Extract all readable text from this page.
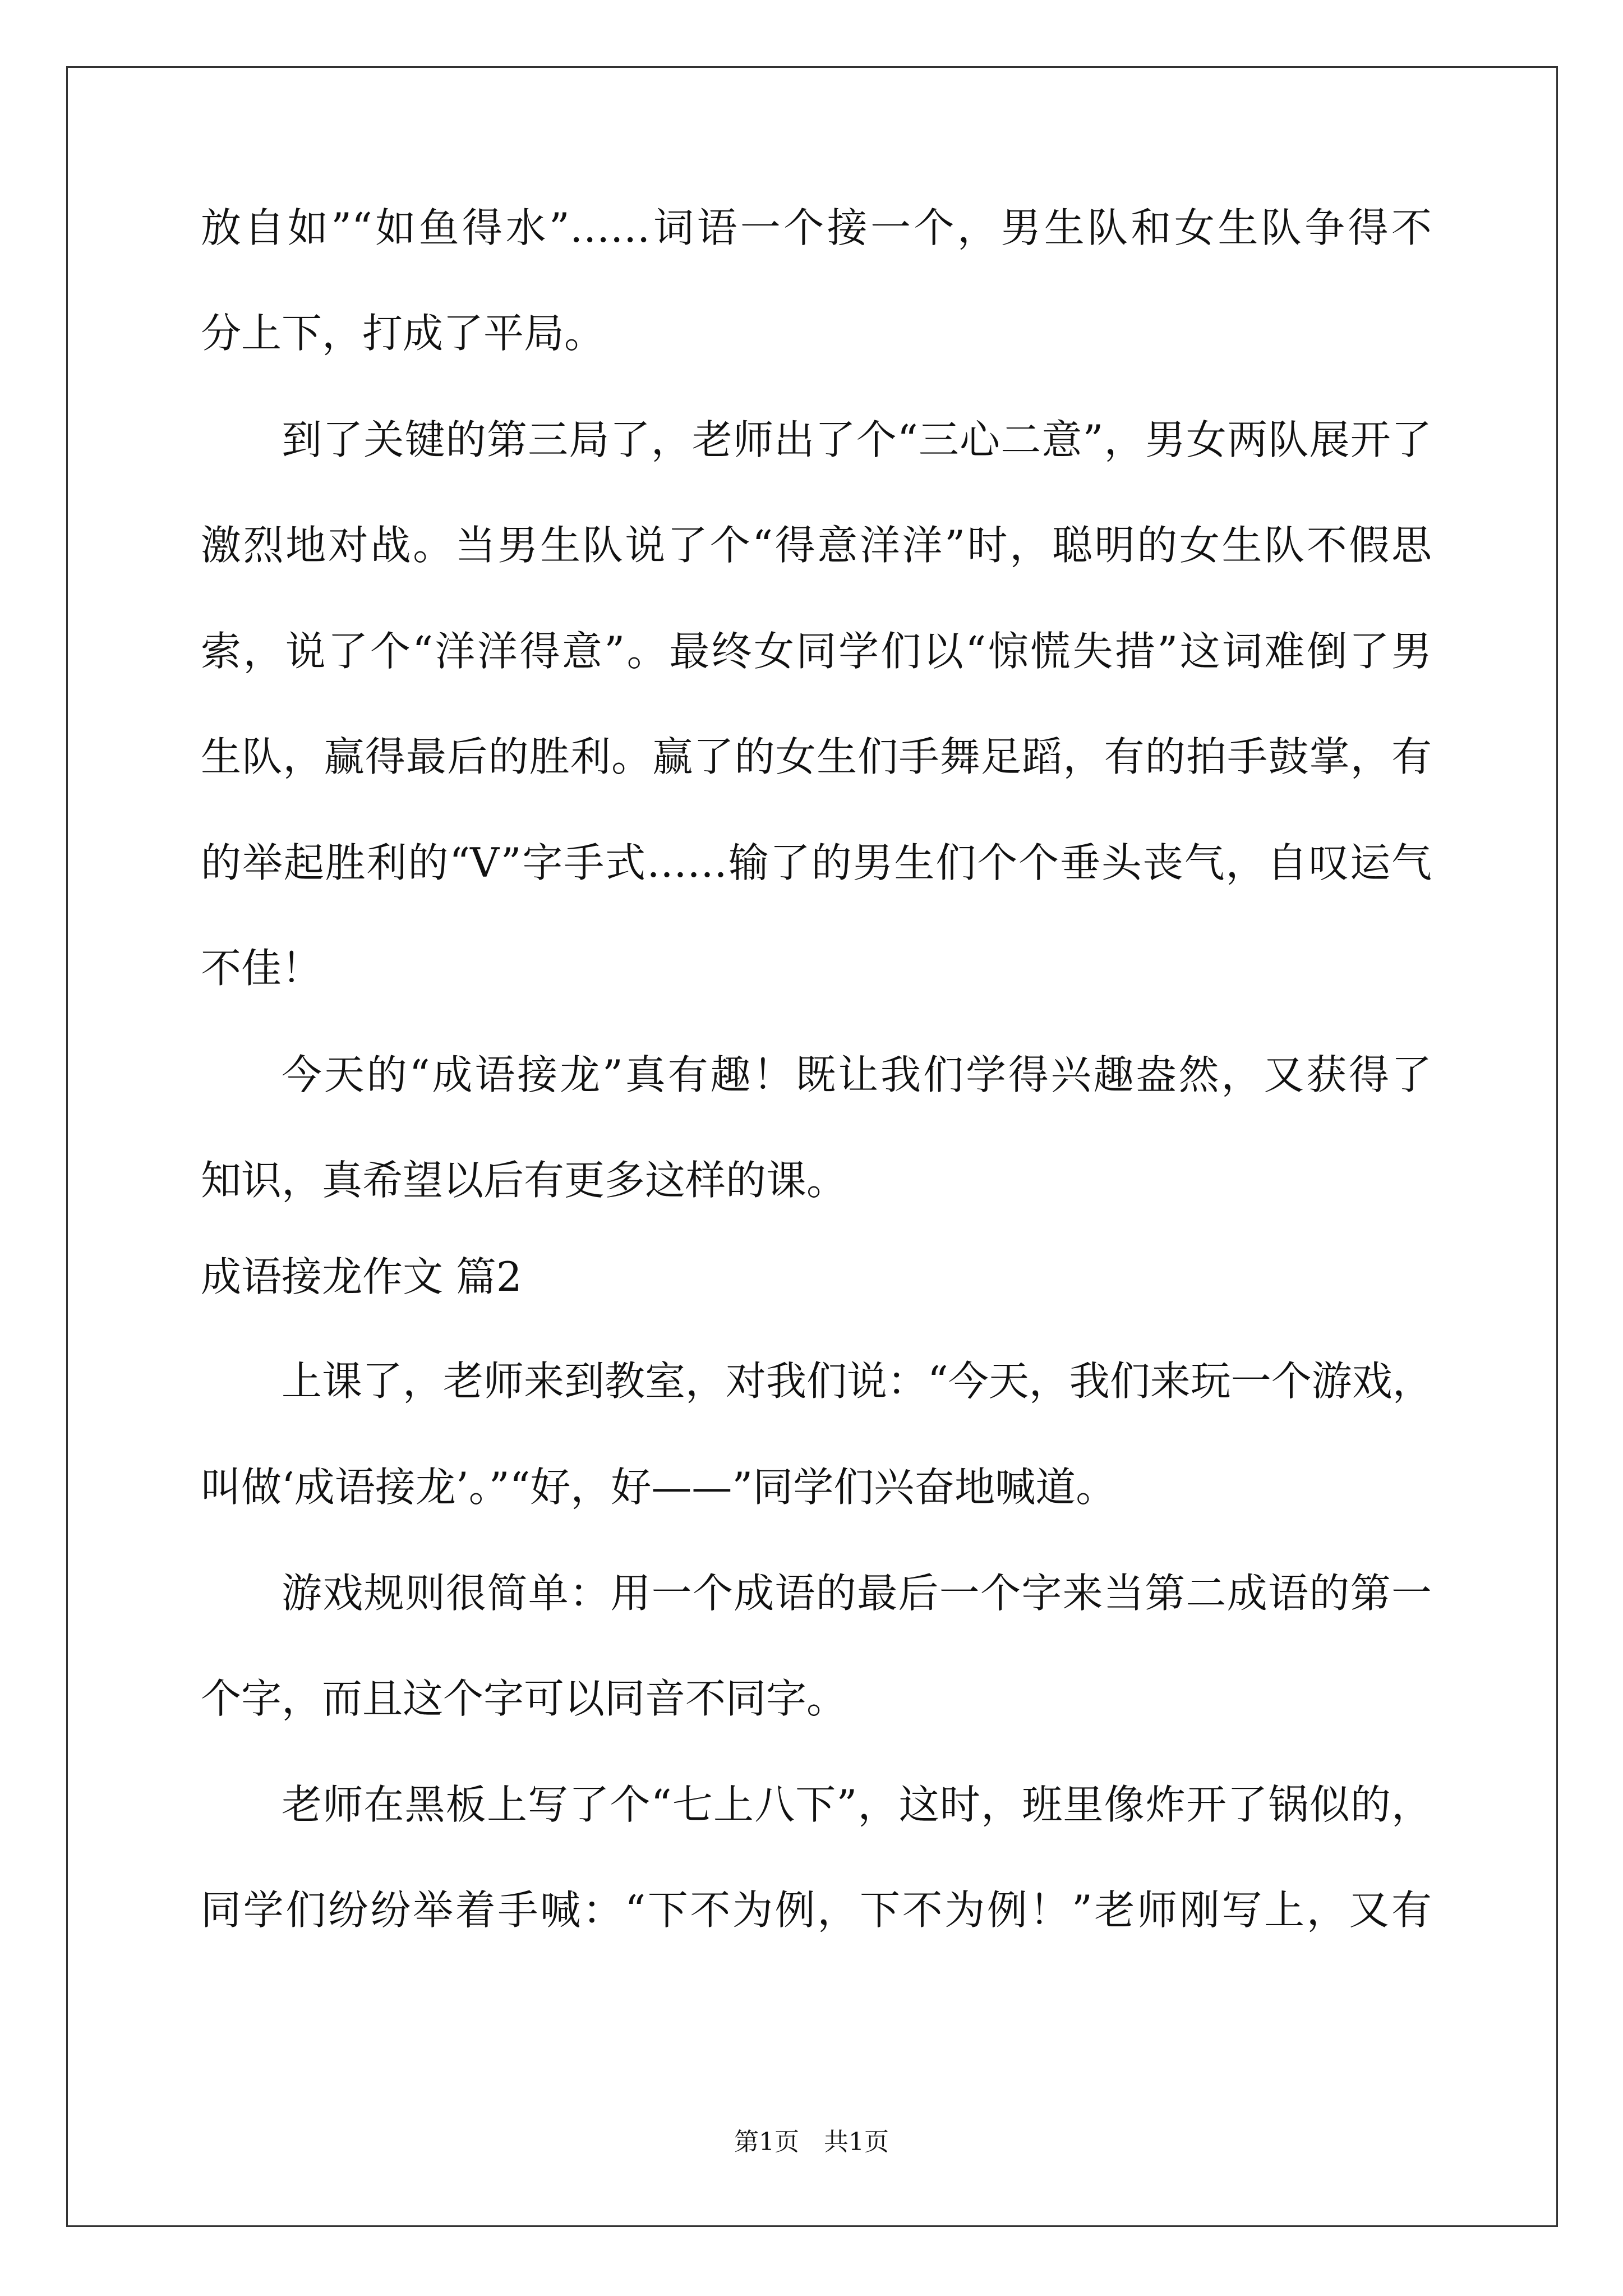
放自如”“如鱼得水”……词语一个接一个，男生队和女生队争得不
分上下，打成了平局。
到了关键的第三局了，老师出了个“三心二意”，男女两队展开了
激烈地对战。当男生队说了个“得意洋洋”时，聪明的女生队不假思
索，说了个“洋洋得意”。最终女同学们以“惊慌失措”这词难倒了男
生队，赢得最后的胜利。赢了的女生们手舞足蹈，有的拍手鼓掌，有
的举起胜利的“V”字手式……输了的男生们个个垂头丧气，自叹运气
不佳！
今天的“成语接龙”真有趣！既让我们学得兴趣盎然，又获得了
知识，真希望以后有更多这样的课。
成语接龙作文 篇2
上课了，老师来到教室，对我们说：“今天，我们来玩一个游戏，
叫做‘成语接龙’。”“好，好——”同学们兴奋地喊道。
游戏规则很简单：用一个成语的最后一个字来当第二成语的第一
个字，而且这个字可以同音不同字。
老师在黑板上写了个“七上八下”，这时，班里像炸开了锅似的，
同学们纷纷举着手喊：“下不为例，下不为例！”老师刚写上，又有
第1页　共1页
